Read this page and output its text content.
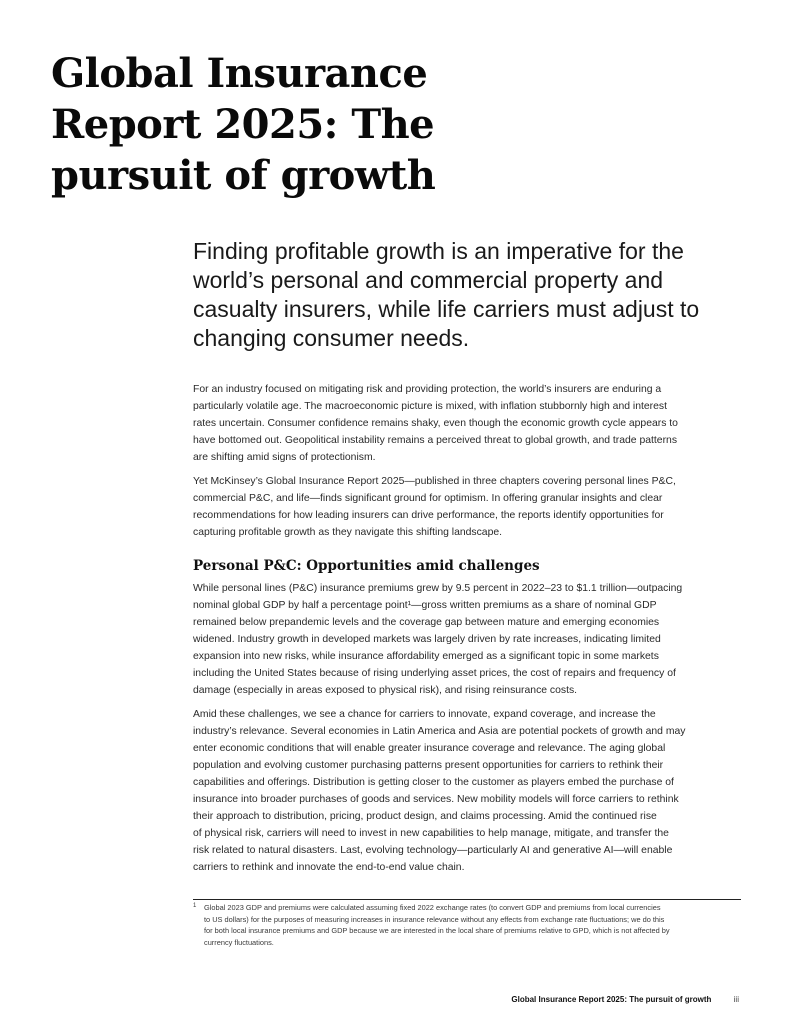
Global Insurance
Report 2025: The
pursuit of growth

Finding profitable growth is an imperative for the
world’s personal and commercial property and
casualty insurers, while life carriers must adjust to
changing consumer needs.

For an industry focused on mitigating risk and providing protection, the world’s insurers are enduring a
particularly volatile age. The macroeconomic picture is mixed, with inflation stubbornly high and interest
rates uncertain. Consumer confidence remains shaky, even though the economic growth cycle appears to
have bottomed out. Geopolitical instability remains a perceived threat to global growth, and trade patterns
are shifting amid signs of protectionism.

Yet McKinsey’s Global Insurance Report 2025—published in three chapters covering personal lines P&C,
commercial P&C, and life—finds significant ground for optimism. In offering granular insights and clear
recommendations for how leading insurers can drive performance, the reports identify opportunities for
capturing profitable growth as they navigate this shifting landscape.

Personal P&C: Opportunities amid challenges

While personal lines (P&C) insurance premiums grew by 9.5 percent in 2022–23 to $1.1 trillion—outpacing
nominal global GDP by half a percentage point¹—gross written premiums as a share of nominal GDP
remained below prepandemic levels and the coverage gap between mature and emerging economies
widened. Industry growth in developed markets was largely driven by rate increases, indicating limited
expansion into new risks, while insurance affordability emerged as a significant topic in some markets
including the United States because of rising underlying asset prices, the cost of repairs and frequency of
damage (especially in areas exposed to physical risk), and rising reinsurance costs.

Amid these challenges, we see a chance for carriers to innovate, expand coverage, and increase the
industry’s relevance. Several economies in Latin America and Asia are potential pockets of growth and may
enter economic conditions that will enable greater insurance coverage and relevance. The aging global
population and evolving customer purchasing patterns present opportunities for carriers to rethink their
capabilities and offerings. Distribution is getting closer to the customer as players embed the purchase of
insurance into broader purchases of goods and services. New mobility models will force carriers to rethink
their approach to distribution, pricing, product design, and claims processing. Amid the continued rise
of physical risk, carriers will need to invest in new capabilities to help manage, mitigate, and transfer the
risk related to natural disasters. Last, evolving technology—particularly AI and generative AI—will enable
carriers to rethink and innovate the end-to-end value chain.

1 Global 2023 GDP and premiums were calculated assuming fixed 2022 exchange rates (to convert GDP and premiums from local currencies
to US dollars) for the purposes of measuring increases in insurance relevance without any effects from exchange rate fluctuations; we do this
for both local insurance premiums and GDP because we are interested in the local share of premiums relative to GPD, which is not affected by
currency fluctuations.
Global Insurance Report 2025: The pursuit of growth	iii
